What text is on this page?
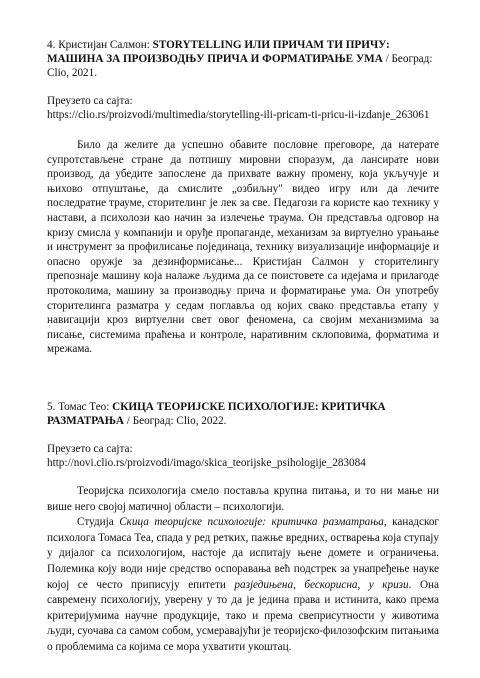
4. Кристијан Салмон: STORYTELLING ИЛИ ПРИЧАМ ТИ ПРИЧУ: МАШИНА ЗА ПРОИЗВОДЊУ ПРИЧА И ФОРМАТИРАЊЕ УМА / Београд: Clio, 2021.
Преузето са сајта:
https://clio.rs/proizvodi/multimedia/storytelling-ili-pricam-ti-pricu-ii-izdanje_263061

Било да желите да успешно обавите пословне преговоре, да натерате супротстављене стране да потпишу мировни споразум, да лансирате нови производ, да убедите запослене да прихвате важну промену, која укључује и њихово отпуштање, да смислите „озбиљну" видео игру или да лечите последратне трауме, сторителинг је лек за све. Педагози га користе као технику у настави, а психолози као начин за излечење траума. Он представља одговор на кризу смисла у компанији и оруђе пропаганде, механизам за виртуелно урањање и инструмент за профилисање појединаца, технику визуализације информације и опасно оружје за дезинформисање... Кристијан Салмон у сторителингу препознаје машину која налаже људима да се поистовете са идејама и прилагоде протоколима, машину за производњу прича и форматирање ума. Он употребу сторителинга разматра у седам поглавља од којих свако представља етапу у навигацији кроз виртуелни свет овог феномена, са својим механизмима за писање, системима праћења и контроле, наративним склоповима, форматима и мрежама.

5. Томас Тео: СКИЦА ТЕОРИЈСКЕ ПСИХОЛОГИЈЕ: КРИТИЧКА РАЗМАТРАЊА / Београд: Clio, 2022.
Преузето са сајта:
http://novi.clio.rs/proizvodi/imago/skica_teorijske_psihologije_283084

Теоријска психологија смело поставља крупна питања, и то ни мање ни више него својој матичној области – психологији.

Студија Скица теоријске психологије: критичка разматрања, канадског психолога Томаса Теа, спада у ред ретких, пажње вредних, остварења која ступају у дијалог са психологијом, настоје да испитају њене домете и ограничења. Полемика коју води није средство оспоравања већ подстрек за унапређење науке којој се често приписују епитети разједињена, бескорисна, у кризи. Она савремену психологију, уверену у то да је једина права и истинита, како према критеријумима научне продукције, тако и према свеприсутности у животима људи, суочава са самом собом, усмеравајући је теоријско-филозофским питањима о проблемима са којима се мора ухватити укоштац.
